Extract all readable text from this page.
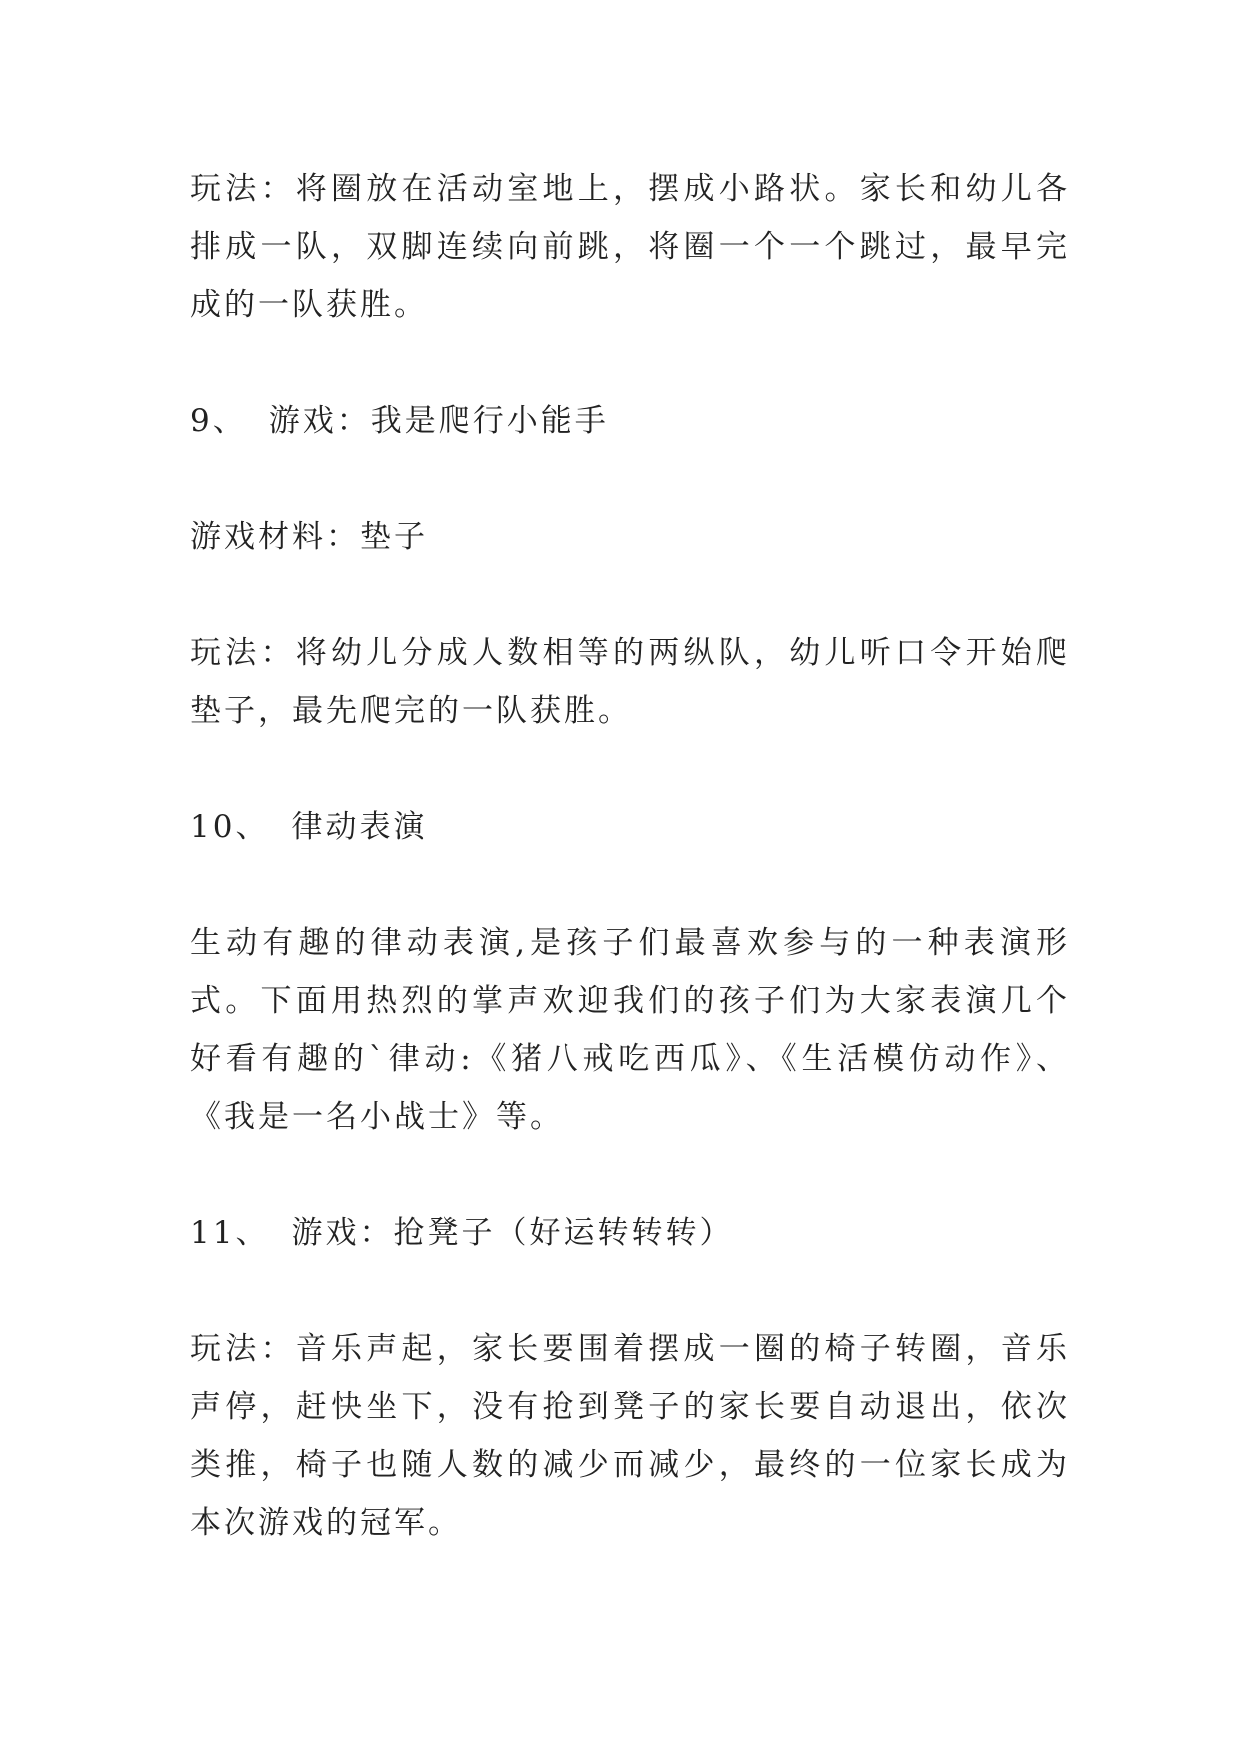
玩法：将圈放在活动室地上，摆成小路状。家长和幼儿各排成一队，双脚连续向前跳，将圈一个一个跳过，最早完成的一队获胜。

9、 游戏：我是爬行小能手

游戏材料：垫子

玩法：将幼儿分成人数相等的两纵队，幼儿听口令开始爬垫子，最先爬完的一队获胜。

10、 律动表演

生动有趣的律动表演,是孩子们最喜欢参与的一种表演形式。下面用热烈的掌声欢迎我们的孩子们为大家表演几个好看有趣的`律动:《猪八戒吃西瓜》、《生活模仿动作》、《我是一名小战士》等。

11、 游戏：抢凳子（好运转转转）

玩法：音乐声起，家长要围着摆成一圈的椅子转圈，音乐声停，赶快坐下，没有抢到凳子的家长要自动退出，依次类推，椅子也随人数的减少而减少，最终的一位家长成为本次游戏的冠军。
